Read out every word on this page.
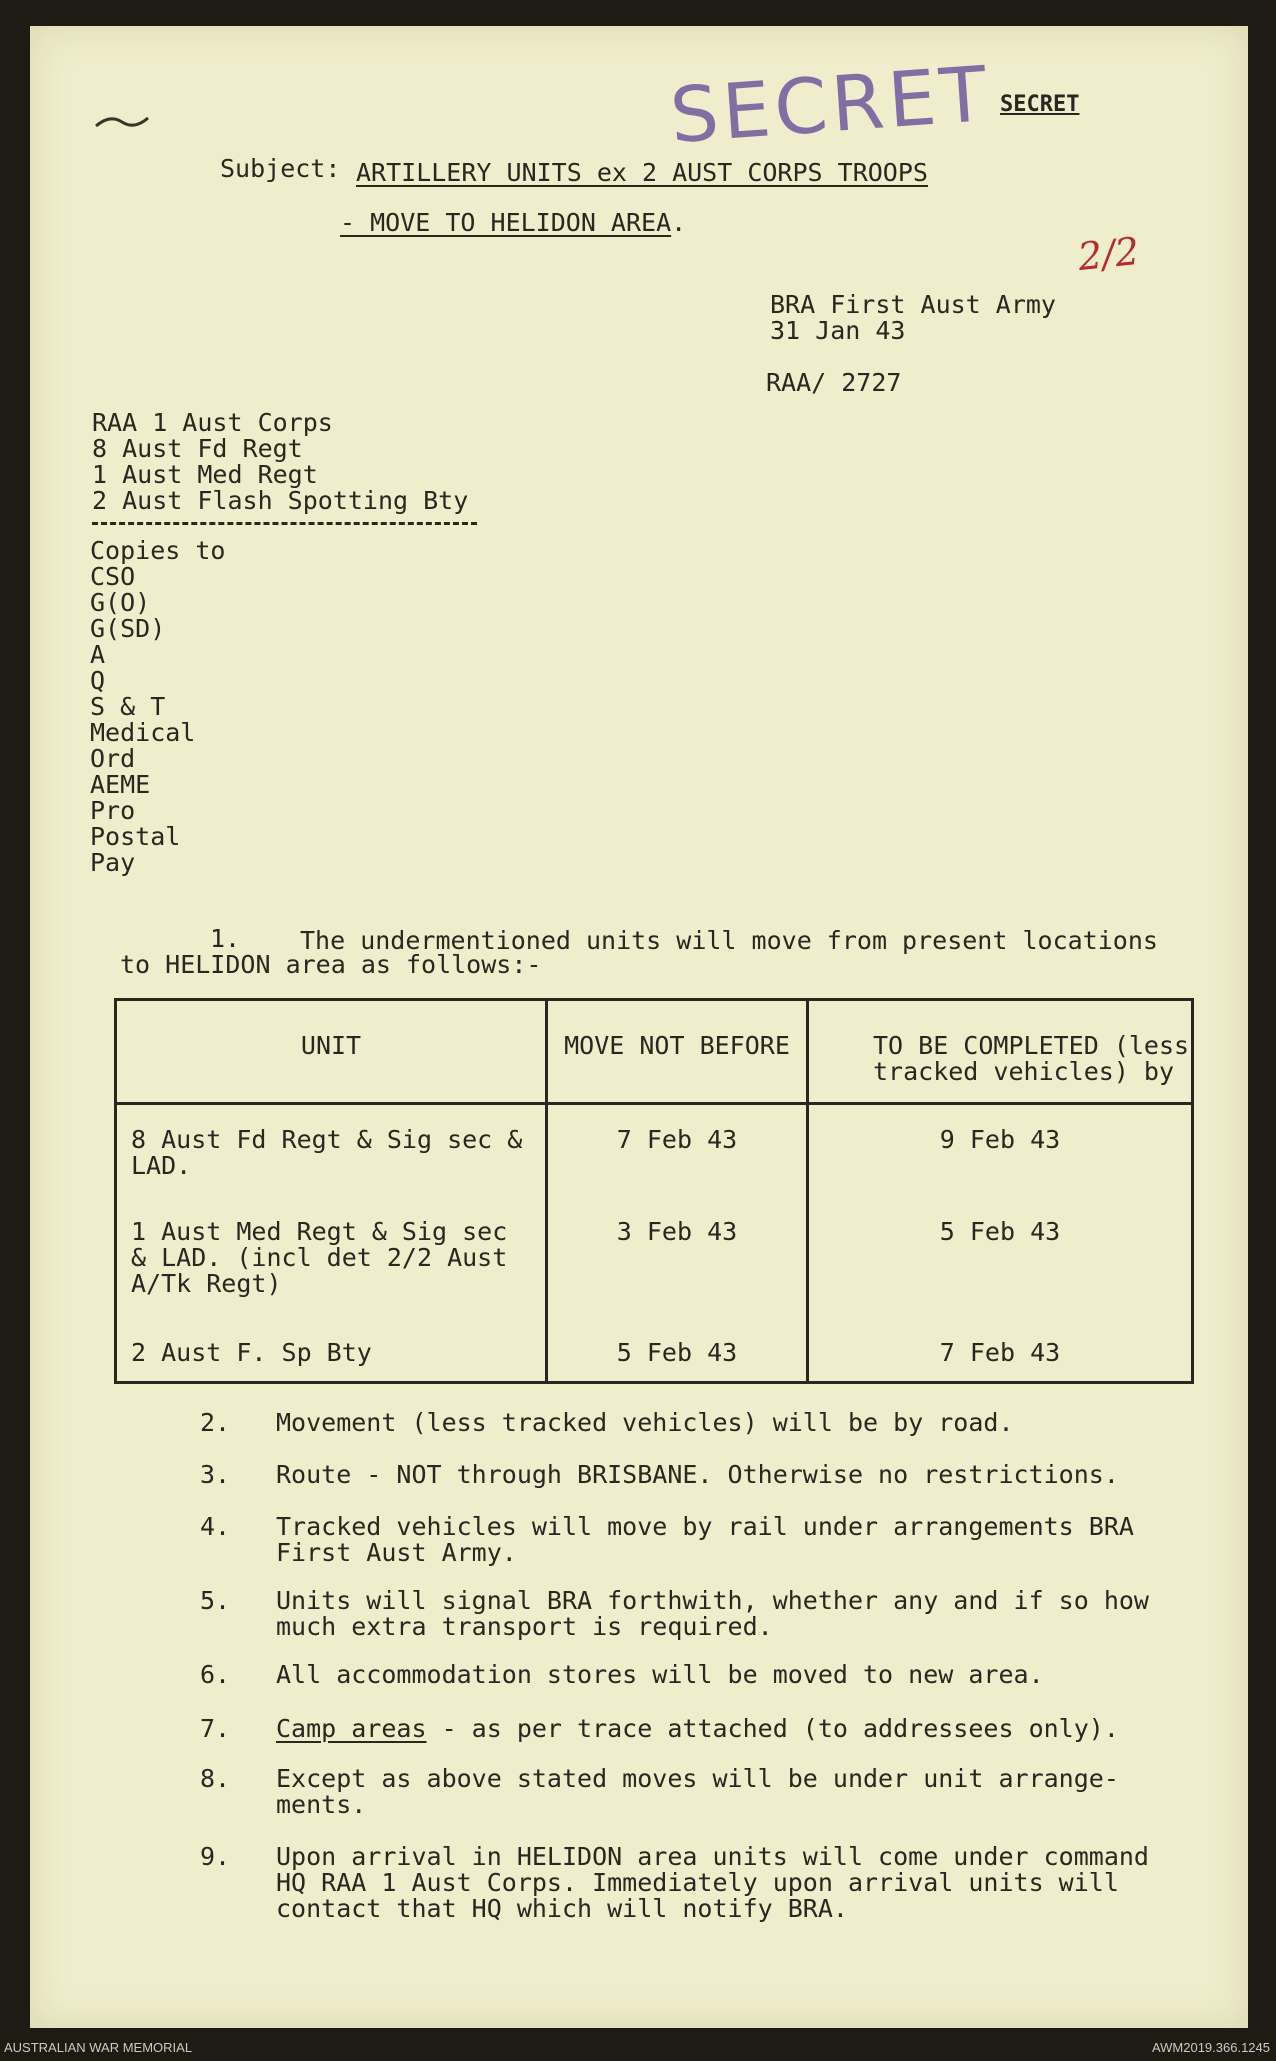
SECRET SECRET
2/2
Subject: ARTILLERY UNITS ex 2 AUST CORPS TROOPS
- MOVE TO HELIDON AREA.
BRA First Aust Army
31 Jan 43
RAA/ 2727
RAA 1 Aust Corps
8 Aust Fd Regt
1 Aust Med Regt
2 Aust Flash Spotting Bty
Copies to
CSO
G(O)
G(SD)
A
Q
S & T
Medical
Ord
AEME
Pro
Postal
Pay
1. The undermentioned units will move from present locations
to HELIDON area as follows:-
UNIT	MOVE NOT BEFORE	TO BE COMPLETED (less tracked vehicles) by
8 Aust Fd Regt & Sig sec & LAD.	7 Feb 43	9 Feb 43
1 Aust Med Regt & Sig sec & LAD. (incl det 2/2 Aust A/Tk Regt)	3 Feb 43	5 Feb 43
2 Aust F. Sp Bty	5 Feb 43	7 Feb 43
2.	Movement (less tracked vehicles) will be by road.
3.	Route - NOT through BRISBANE. Otherwise no restrictions.
4.	Tracked vehicles will move by rail under arrangements BRA First Aust Army.
5.	Units will signal BRA forthwith, whether any and if so how much extra transport is required.
6.	All accommodation stores will be moved to new area.
7.	Camp areas - as per trace attached (to addressees only).
8.	Except as above stated moves will be under unit arrange-ments.
9.	Upon arrival in HELIDON area units will come under command HQ RAA 1 Aust Corps. Immediately upon arrival units will contact that HQ which will notify BRA.
AUSTRALIAN WAR MEMORIAL	AWM2019.366.1245
